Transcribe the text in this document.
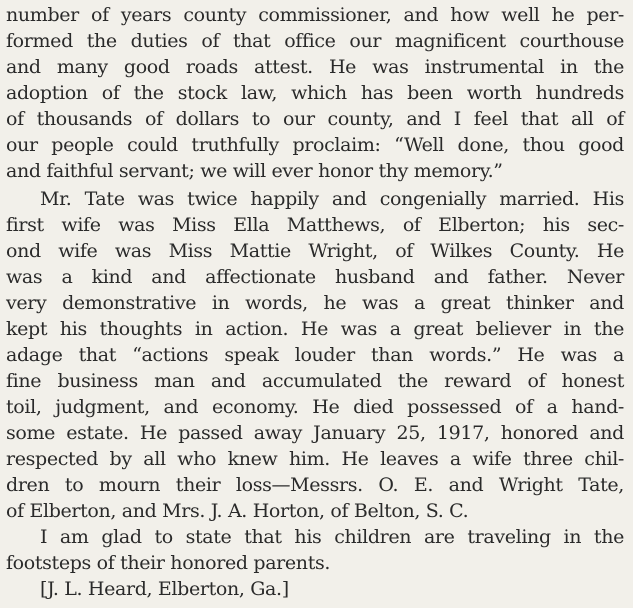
number of years county commissioner, and how well he per-
formed the duties of that office our magnificent courthouse
and many good roads attest. He was instrumental in the
adoption of the stock law, which has been worth hundreds
of thousands of dollars to our county, and I feel that all of
our people could truthfully proclaim: “Well done, thou good
and faithful servant; we will ever honor thy memory.”
Mr. Tate was twice happily and congenially married. His
first wife was Miss Ella Matthews, of Elberton; his sec-
ond wife was Miss Mattie Wright, of Wilkes County. He
was a kind and affectionate husband and father. Never
very demonstrative in words, he was a great thinker and
kept his thoughts in action. He was a great believer in the
adage that “actions speak louder than words.” He was a
fine business man and accumulated the reward of honest
toil, judgment, and economy. He died possessed of a hand-
some estate. He passed away January 25, 1917, honored and
respected by all who knew him. He leaves a wife three chil-
dren to mourn their loss—Messrs. O. E. and Wright Tate,
of Elberton, and Mrs. J. A. Horton, of Belton, S. C.
I am glad to state that his children are traveling in the
footsteps of their honored parents.
[J. L. Heard, Elberton, Ga.]
